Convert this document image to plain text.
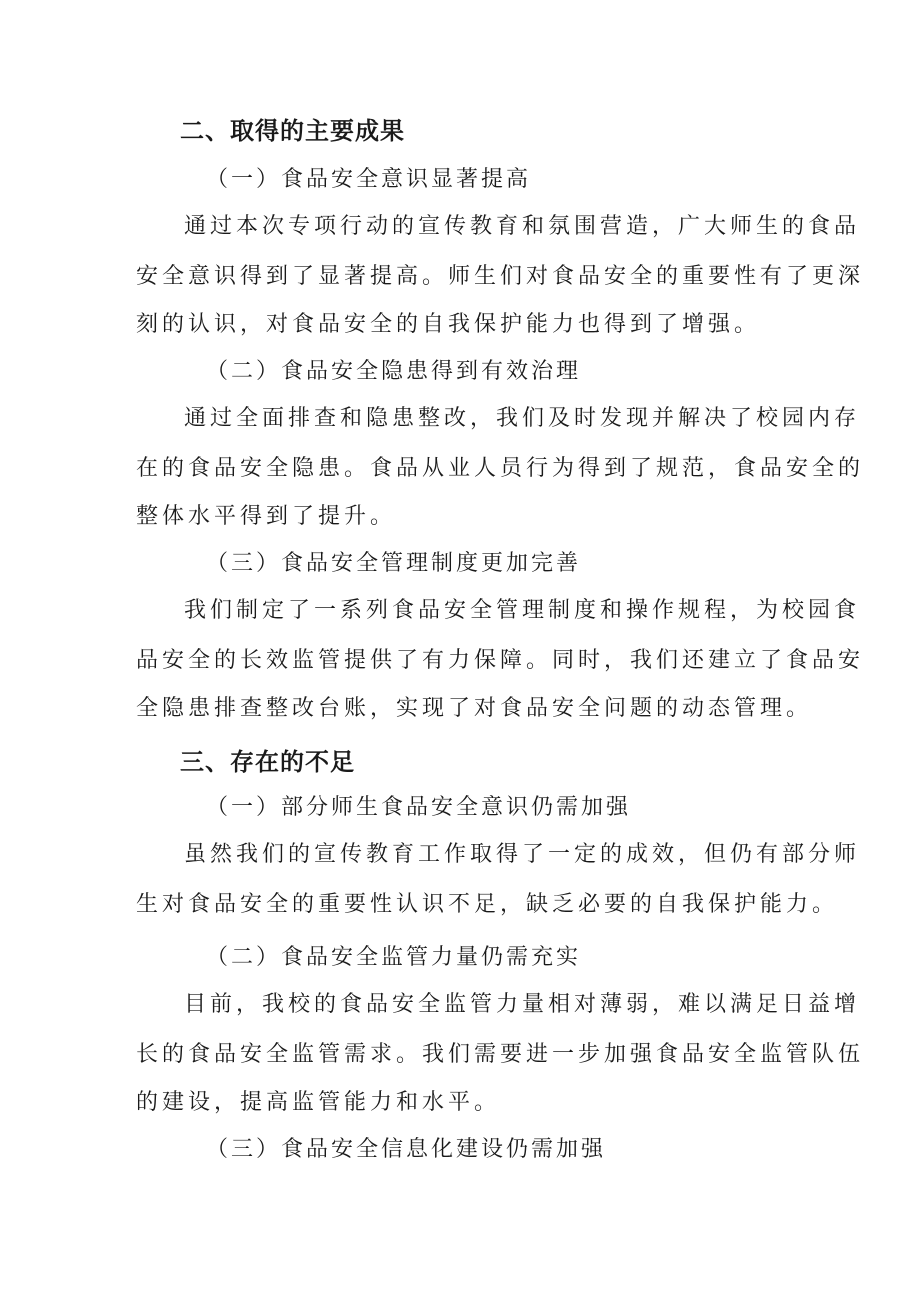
二、取得的主要成果
（一）食品安全意识显著提高
通过本次专项行动的宣传教育和氛围营造，广大师生的食品
安全意识得到了显著提高。师生们对食品安全的重要性有了更深
刻的认识，对食品安全的自我保护能力也得到了增强。
（二）食品安全隐患得到有效治理
通过全面排查和隐患整改，我们及时发现并解决了校园内存
在的食品安全隐患。食品从业人员行为得到了规范，食品安全的
整体水平得到了提升。
（三）食品安全管理制度更加完善
我们制定了一系列食品安全管理制度和操作规程，为校园食
品安全的长效监管提供了有力保障。同时，我们还建立了食品安
全隐患排查整改台账，实现了对食品安全问题的动态管理。
三、存在的不足
（一）部分师生食品安全意识仍需加强
虽然我们的宣传教育工作取得了一定的成效，但仍有部分师
生对食品安全的重要性认识不足，缺乏必要的自我保护能力。
（二）食品安全监管力量仍需充实
目前，我校的食品安全监管力量相对薄弱，难以满足日益增
长的食品安全监管需求。我们需要进一步加强食品安全监管队伍
的建设，提高监管能力和水平。
（三）食品安全信息化建设仍需加强
